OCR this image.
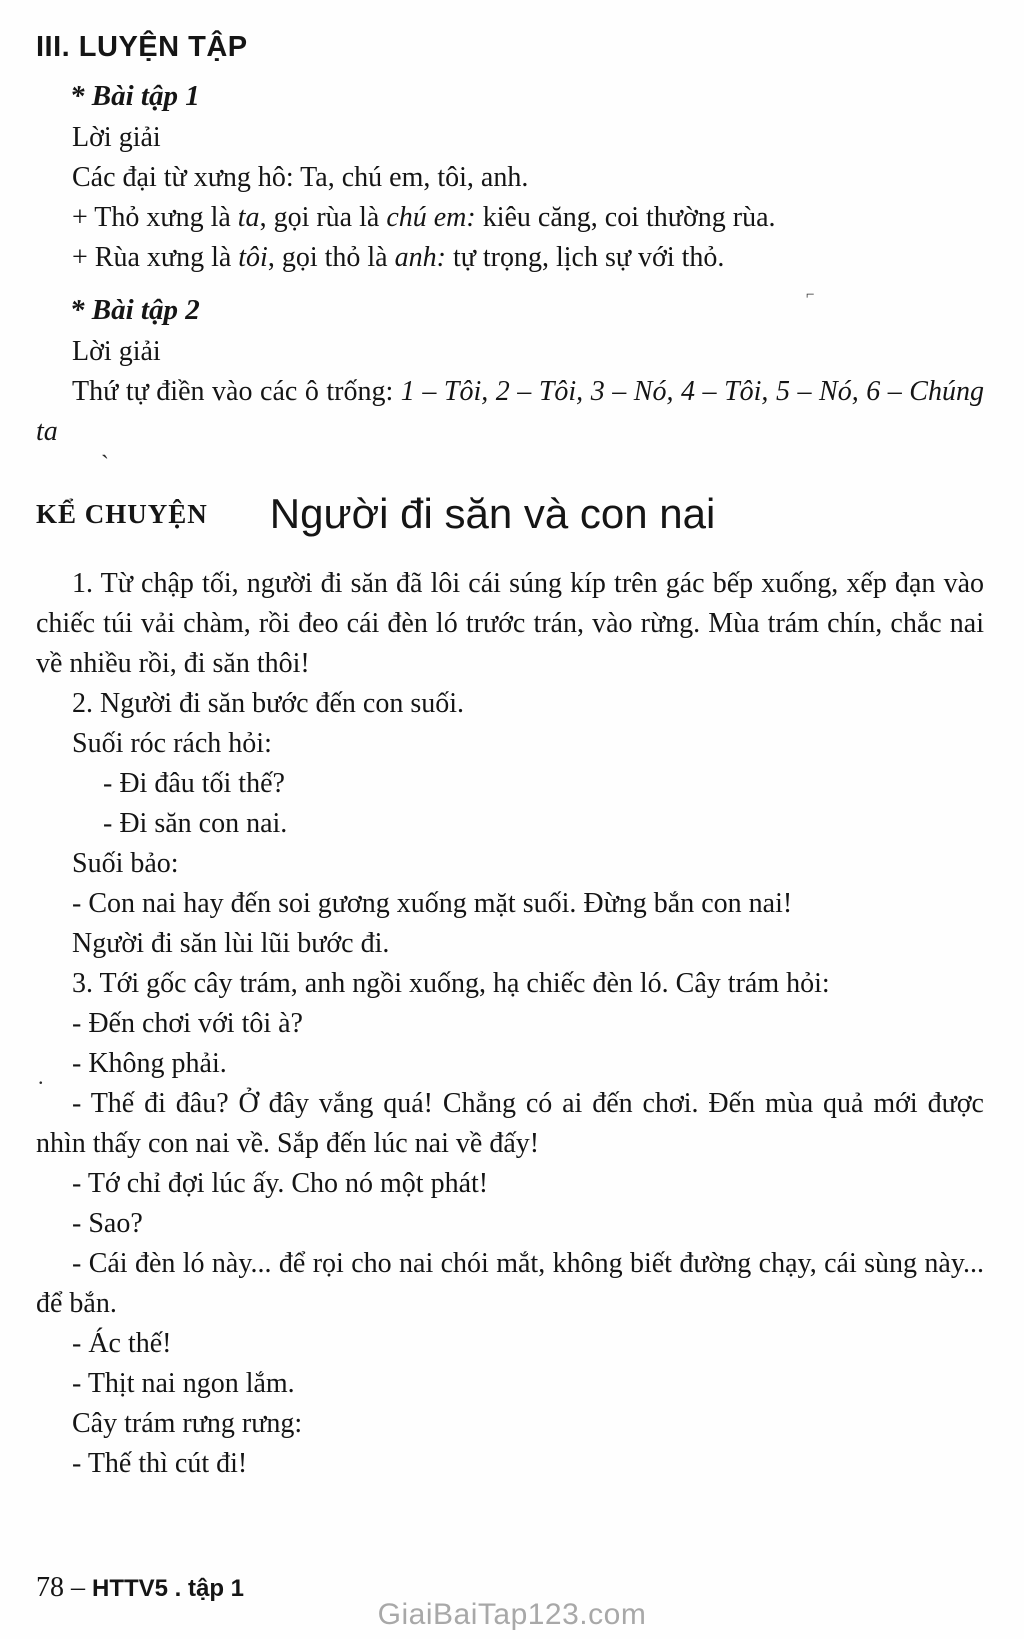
III. LUYỆN TẬP

* Bài tập 1

Lời giải

Các đại từ xưng hô: Ta, chú em, tôi, anh.

+ Thỏ xưng là ta, gọi rùa là chú em: kiêu căng, coi thường rùa.

+ Rùa xưng là tôi, gọi thỏ là anh: tự trọng, lịch sự với thỏ.

* Bài tập 2

Lời giải

Thứ tự điền vào các ô trống: 1 – Tôi, 2 – Tôi, 3 – Nó, 4 – Tôi, 5 – Nó, 6 – Chúng ta

KỂ CHUYỆN Người đi săn và con nai

1. Từ chập tối, người đi săn đã lôi cái súng kíp trên gác bếp xuống, xếp đạn vào chiếc túi vải chàm, rồi đeo cái đèn ló trước trán, vào rừng. Mùa trám chín, chắc nai về nhiều rồi, đi săn thôi!

2. Người đi săn bước đến con suối.

Suối róc rách hỏi:

- Đi đâu tối thế?

- Đi săn con nai.

Suối bảo:

- Con nai hay đến soi gương xuống mặt suối. Đừng bắn con nai!

Người đi săn lùi lũi bước đi.

3. Tới gốc cây trám, anh ngồi xuống, hạ chiếc đèn ló. Cây trám hỏi:

- Đến chơi với tôi à?

- Không phải.

- Thế đi đâu? Ở đây vắng quá! Chẳng có ai đến chơi. Đến mùa quả mới được nhìn thấy con nai về. Sắp đến lúc nai về đấy!

- Tớ chỉ đợi lúc ấy. Cho nó một phát!

- Sao?

- Cái đèn ló này... để rọi cho nai chói mắt, không biết đường chạy, cái sùng này... để bắn.

- Ác thế!

- Thịt nai ngon lắm.

Cây trám rưng rưng:

- Thế thì cút đi!

78 – HTTV5 . tập 1
GiaiBaiTap123.com
`
⌐
.
